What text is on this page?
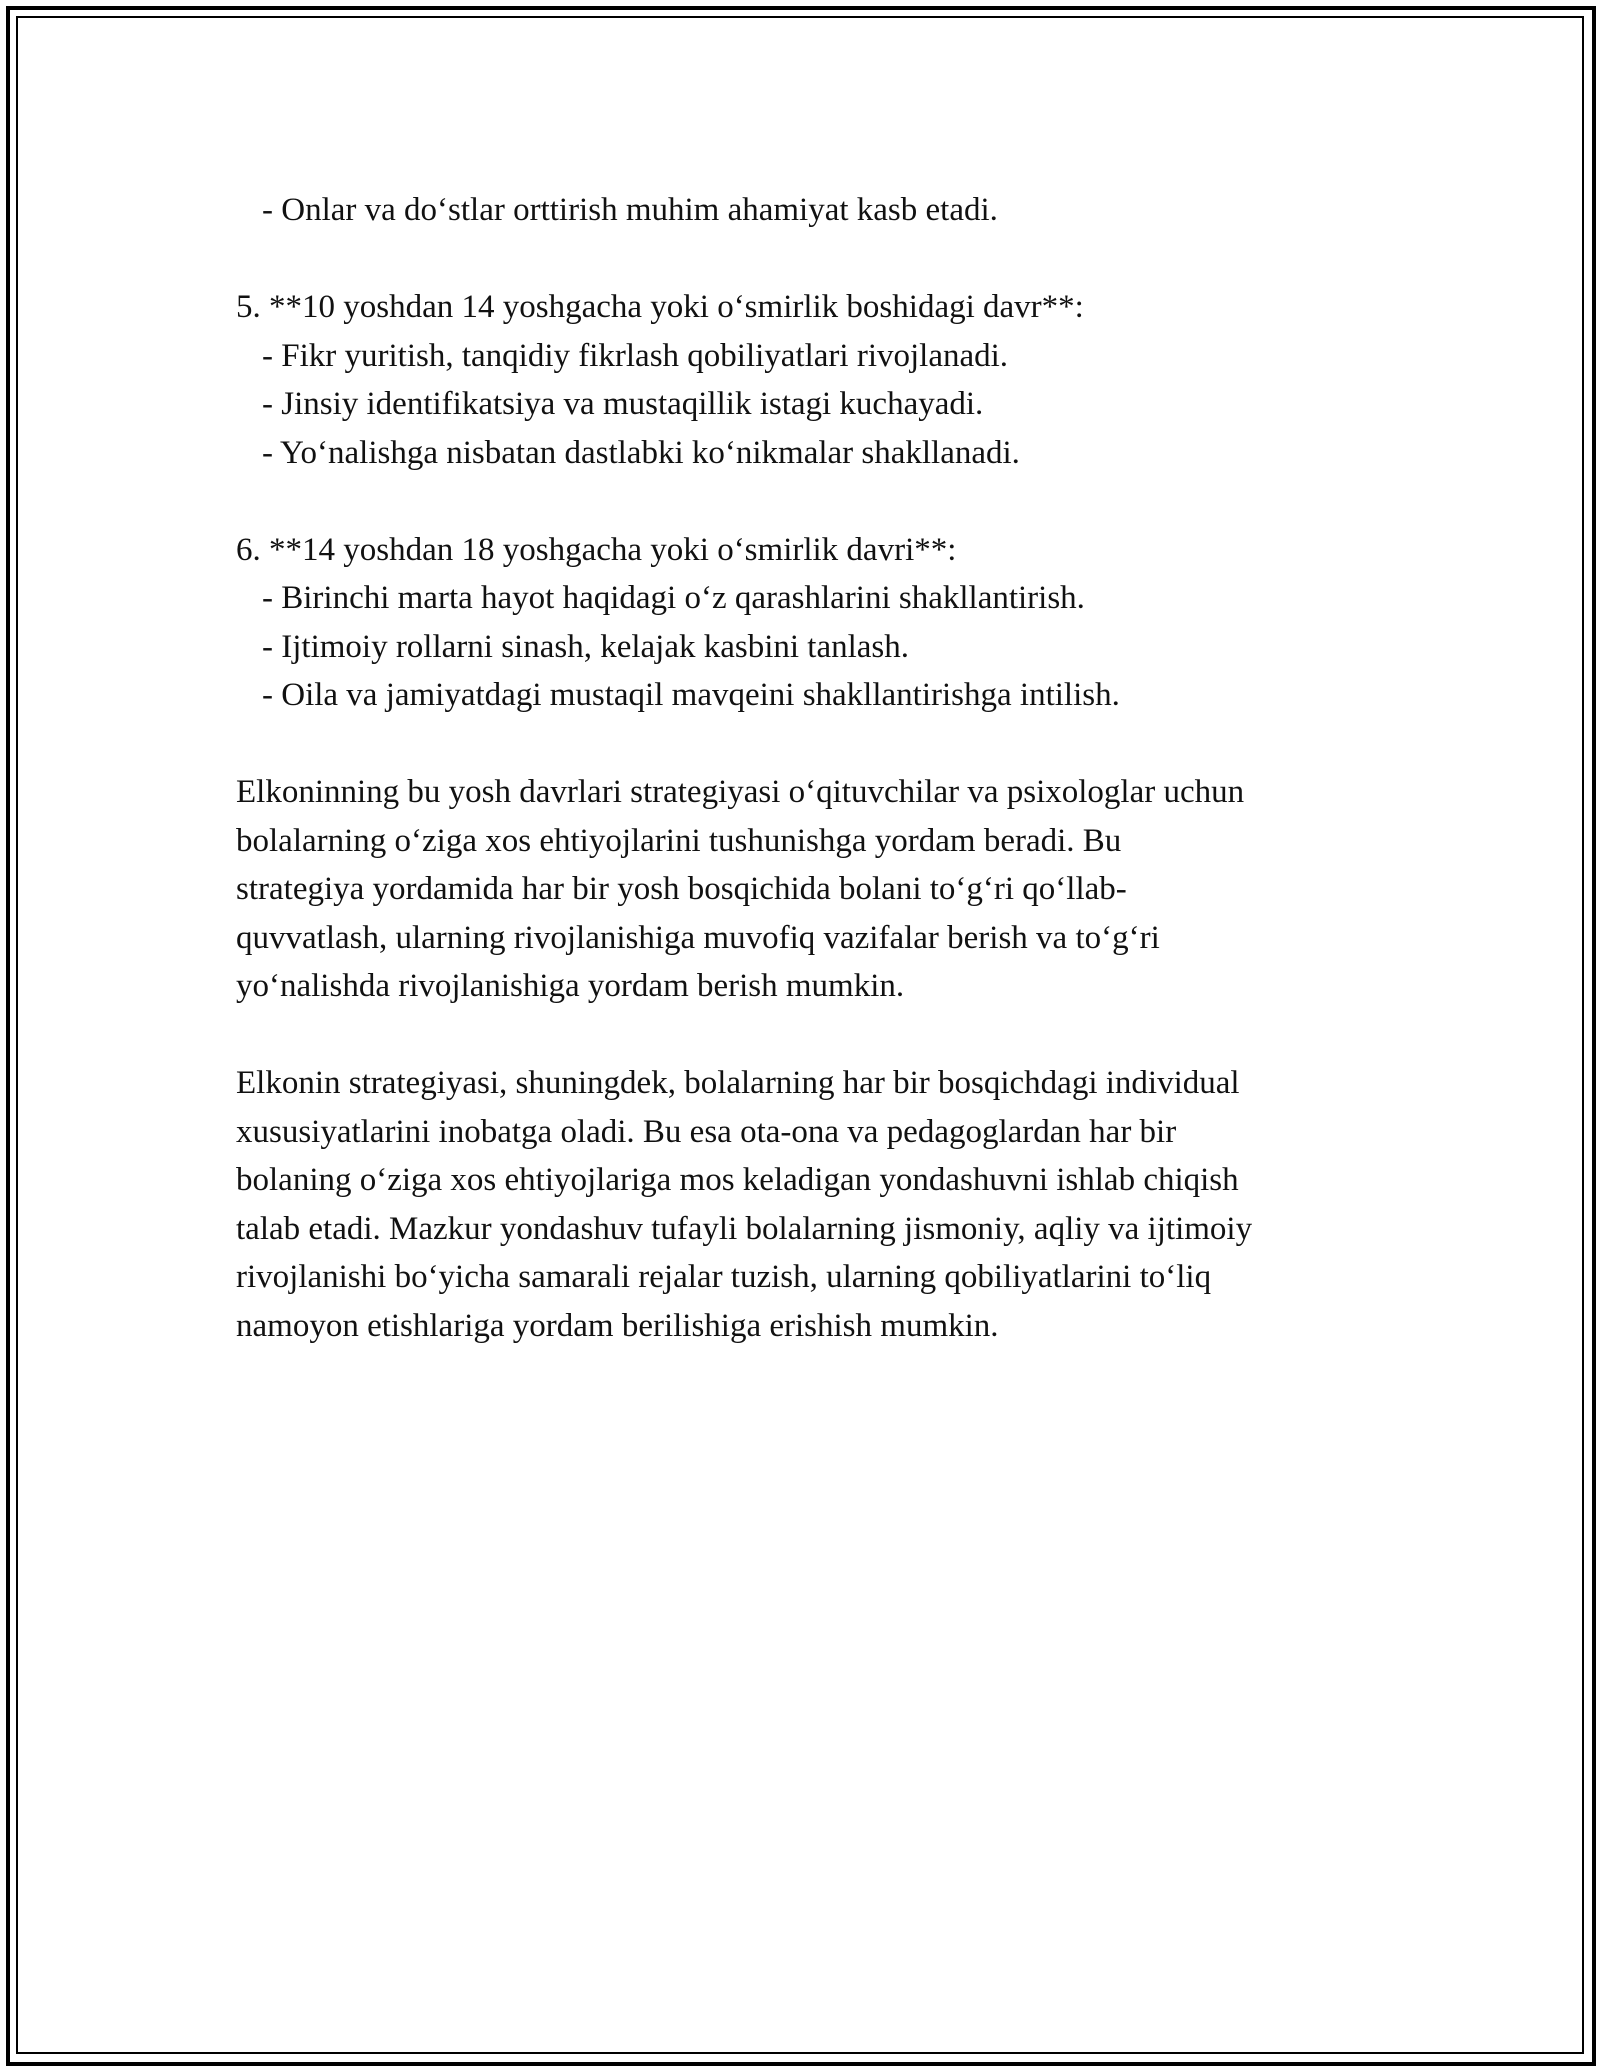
- Onlar va do‘stlar orttirish muhim ahamiyat kasb etadi.
5. **10 yoshdan 14 yoshgacha yoki o‘smirlik boshidagi davr**:
- Fikr yuritish, tanqidiy fikrlash qobiliyatlari rivojlanadi.
- Jinsiy identifikatsiya va mustaqillik istagi kuchayadi.
- Yo‘nalishga nisbatan dastlabki ko‘nikmalar shakllanadi.
6. **14 yoshdan 18 yoshgacha yoki o‘smirlik davri**:
- Birinchi marta hayot haqidagi o‘z qarashlarini shakllantirish.
- Ijtimoiy rollarni sinash, kelajak kasbini tanlash.
- Oila va jamiyatdagi mustaqil mavqeini shakllantirishga intilish.
Elkoninning bu yosh davrlari strategiyasi o‘qituvchilar va psixologlar uchun
bolalarning o‘ziga xos ehtiyojlarini tushunishga yordam beradi. Bu
strategiya yordamida har bir yosh bosqichida bolani to‘g‘ri qo‘llab-
quvvatlash, ularning rivojlanishiga muvofiq vazifalar berish va to‘g‘ri
yo‘nalishda rivojlanishiga yordam berish mumkin.
Elkonin strategiyasi, shuningdek, bolalarning har bir bosqichdagi individual
xususiyatlarini inobatga oladi. Bu esa ota-ona va pedagoglardan har bir
bolaning o‘ziga xos ehtiyojlariga mos keladigan yondashuvni ishlab chiqish
talab etadi. Mazkur yondashuv tufayli bolalarning jismoniy, aqliy va ijtimoiy
rivojlanishi bo‘yicha samarali rejalar tuzish, ularning qobiliyatlarini to‘liq
namoyon etishlariga yordam berilishiga erishish mumkin.
